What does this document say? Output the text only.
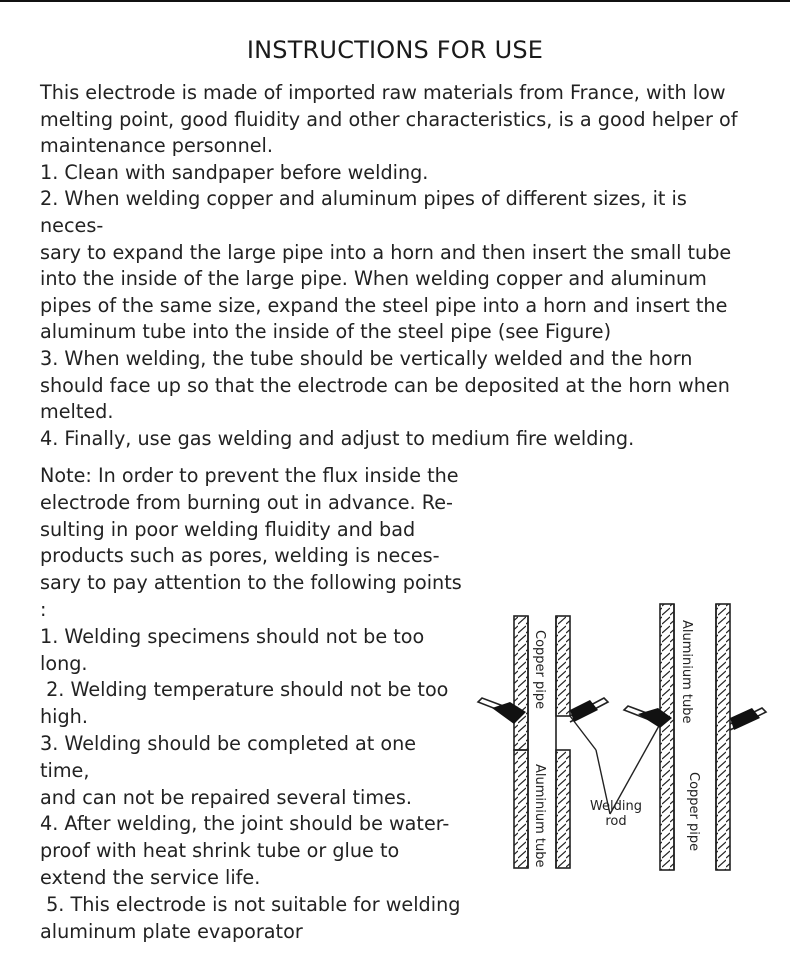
INSTRUCTIONS FOR USE

This electrode is made of imported raw materials from France, with low

melting point, good fluidity and other characteristics, is a good helper of

maintenance personnel.

1. Clean with sandpaper before welding.

2. When welding copper and aluminum pipes of different sizes, it is neces-

sary to expand the large pipe into a horn and then insert the small tube

into the inside of the large pipe. When welding copper and aluminum

pipes of the same size, expand the steel pipe into a horn and insert the

aluminum tube into the inside of the steel pipe (see Figure)

3. When welding, the tube should be vertically welded and the horn

should face up so that the electrode can be deposited at the horn when

melted.

4. Finally, use gas welding and adjust to medium fire welding.

Note: In order to prevent the flux inside the

electrode from burning out in advance. Re-

sulting in poor welding fluidity and bad

products such as pores, welding is neces-

sary to pay attention to the following points

:

1. Welding specimens should not be too

long.

2. Welding temperature should not be too

high.

3. Welding should be completed at one time,

and can not be repaired several times.

4. After welding, the joint should be water-

proof with heat shrink tube or glue to

extend the service life.

5. This electrode is not suitable for welding

aluminum plate evaporator

Copper pipe
Aluminium tube
Aluminium tube
Copper pipe
Welding
rod
